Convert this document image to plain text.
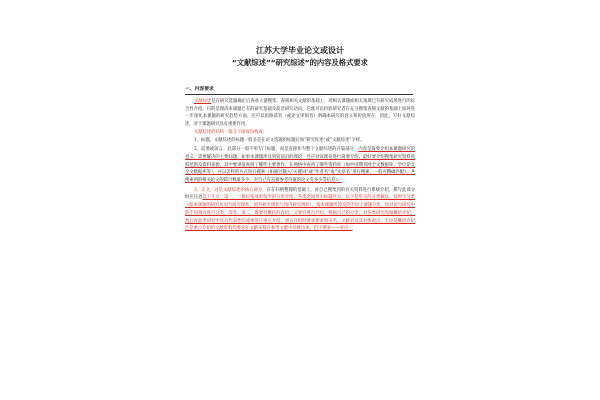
江苏大学毕业论文或设计

“文献综述”“研究综述”的内容及格式要求

一、内容要求

文献综述是在研究选题确定后查看大量搜集、查阅相关文献的基础上，对相关课题或相关领域已有研究成果进行的综合性介绍，目的是理清本课题已有的研究基础及前沿研究动向，它既可以检验研究者在充分搜集查阅文献的基础上如何进一步深化本课题的研究趋势方面，还可以指路读者（或论文审阅者）明确本研究的意义和价值所在，因此，写好文献综述，对于课题研究具有重要作用。

文献综述的结构一般分下面成份构成：

1，标题。文献综述的标题一般多是在论文选题的标题后加“研究综述”或“文献综述”字样。

2，前要或前言。此部分一般不用专门标题，而是直接作为整个文献综述的开篇部分，内容是简要介绍本课题研究的意义，需要解决的主要问题，如果本课题涉及到较前沿的理论，还应对该理论进行简要介绍。最好要介绍搜集研究资料资料范围及资料来源，其中要讲清查阅了哪些主要著作，在网络中查询了哪些资料库（如中国期刊网全文数据库、学位论文全文数据库等），并以怎样的方式进行搜索（如通过输入“关键词”或“作者名”或“文章名”进行搜索，一般可精确匹配），共搜索到的相关论文的篇目数量多少，对自己有直接参考价值的论文有多少等信息）。

3，正文，这是文献综述的核心部分，应在归纳整理的基础上，对自己搜集到的有关资料进行系统介绍，撰写此部分时应注意以下几点：第一，一般应按成果按学的分类介绍，各类之间用小标题区分，以下是常见的分类做法，按时空分类（如本课题的研究历史与研究现状、国外研究现状与国内研究现状），按本课题所涉及的不同子课题分类，按讨论与研究中的不同观点进行分类，等等。第二，既要有概括的介绍，又要有重点介绍，根据自己的分类，对各类研究先做概括介绍，然后对此类研究中具有代表性的成果进行重点介绍，重点介绍时要求要求明末名、文献名及其具体观点，无论是概括介绍还是重点介绍的文献资料均要求在文献末都在参考文献中反映出来，但不要求——对应。
